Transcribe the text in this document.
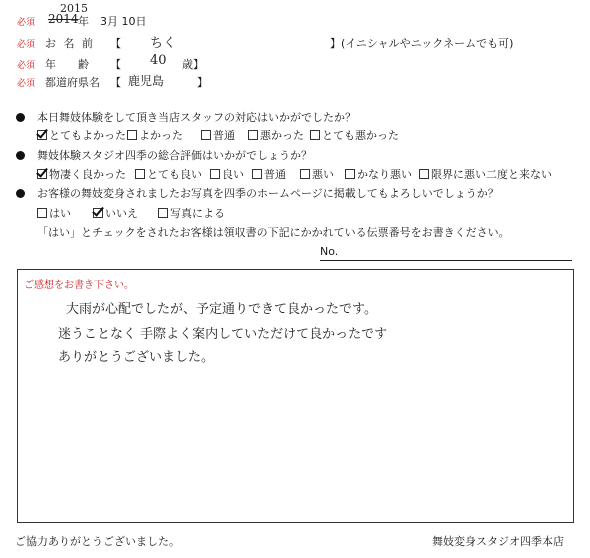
必須 2014
2015
年　3月 10日
必須 お 名 前 【 ちく	】(イニシャルやニックネームでも可)
必須 年　　齢 【 40 歳】
必須 都道府県名 【 鹿児島	】
本日舞妓体験をして頂き当店スタッフの対応はいかがでしたか？
とてもよかった	よかった	普通	悪かった	とても悪かった
舞妓体験スタジオ四季の総合評価はいかがでしょうか？
物凄く良かった	とても良い	良い	普通	悪い	かなり悪い	限界に悪い二度と来ない
お客様の舞妓変身されましたお写真を四季のホームページに掲載してもよろしいでしょうか？
はい	いいえ	写真による
「はい」とチェックをされたお客様は領収書の下記にかかれている伝票番号をお書きください。
No.
ご感想をお書き下さい。
大雨が心配でしたが、予定通りできて良かったです。
迷うことなく 手際よく案内していただけて良かったです
ありがとうございました。
ご協力ありがとうございました。	舞妓変身スタジオ四季本店
